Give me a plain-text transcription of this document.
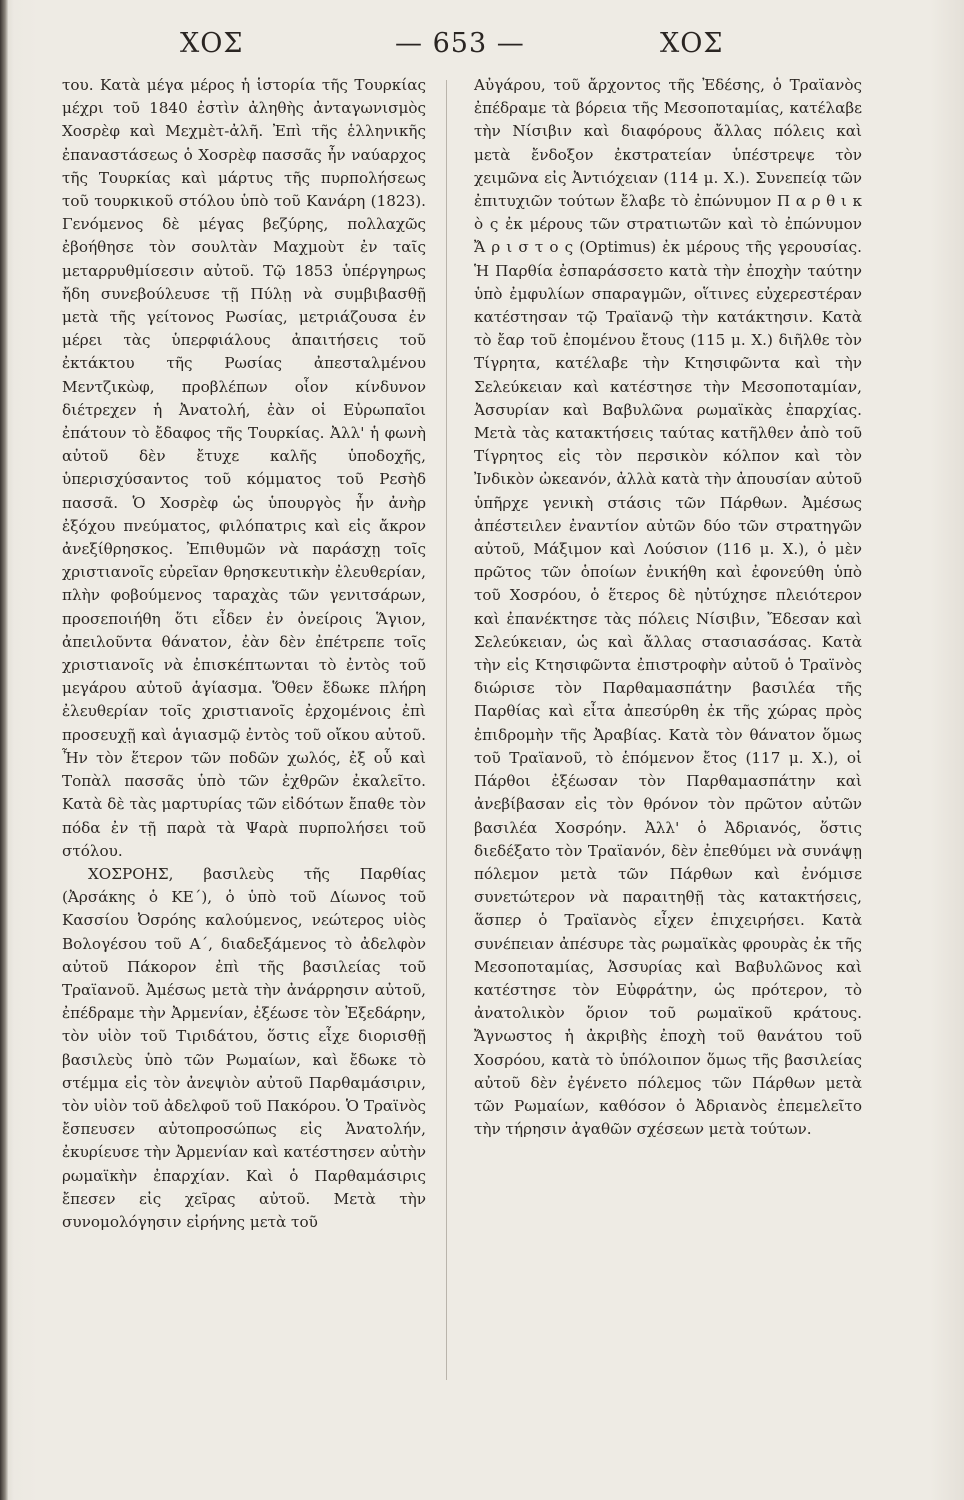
ΧΟΣ	— 653 —	ΧΟΣ

του. Κατὰ μέγα μέρος ἡ ἱστορία τῆς Τουρκίας μέχρι τοῦ 1840 ἐστὶν ἀληθὴς ἀνταγωνισμὸς Χοσρὲφ καὶ Μεχμὲτ-ἀλῆ. Ἐπὶ τῆς ἑλληνικῆς ἐπαναστάσεως ὁ Χοσρὲφ πασσᾶς ἦν ναύαρχος τῆς Τουρκίας καὶ μάρτυς τῆς πυρπολήσεως τοῦ τουρκικοῦ στόλου ὑπὸ τοῦ Κανάρη (1823). Γενόμενος δὲ μέγας βεζύρης, πολλαχῶς ἐβοήθησε τὸν σουλτὰν Μαχμοὺτ ἐν ταῖς μεταρρυθμίσεσιν αὐτοῦ. Τῷ 1853 ὑπέργηρως ἤδη συνεβούλευσε τῇ Πύλῃ νὰ συμβιβασθῇ μετὰ τῆς γείτονος Ρωσίας, μετριάζουσα ἐν μέρει τὰς ὑπερφιάλους ἀπαιτήσεις τοῦ ἐκτάκτου τῆς Ρωσίας ἀπεσταλμένου Μεντζικὼφ, προβλέπων οἷον κίνδυνον διέτρεχεν ἡ Ἀνατολή, ἐὰν οἱ Εὐρωπαῖοι ἐπάτουν τὸ ἔδαφος τῆς Τουρκίας. Ἀλλ' ἡ φωνὴ αὐτοῦ δὲν ἔτυχε καλῆς ὑποδοχῆς, ὑπερισχύσαντος τοῦ κόμματος τοῦ Ρεσὴδ πασσᾶ. Ὁ Χοσρὲφ ὡς ὑπουργὸς ἦν ἀνὴρ ἐξόχου πνεύματος, φιλόπατρις καὶ εἰς ἄκρον ἀνεξίθρησκος. Ἐπιθυμῶν νὰ παράσχῃ τοῖς χριστιανοῖς εὐρεῖαν θρησκευτικὴν ἐλευθερίαν, πλὴν φοβούμενος ταραχὰς τῶν γενιτσάρων, προσεποιήθη ὅτι εἶδεν ἐν ὀνείροις Ἅγιον, ἀπειλοῦντα θάνατον, ἐὰν δὲν ἐπέτρεπε τοῖς χριστιανοῖς νὰ ἐπισκέπτωνται τὸ ἐντὸς τοῦ μεγάρου αὐτοῦ ἁγίασμα. Ὅθεν ἔδωκε πλήρη ἐλευθερίαν τοῖς χριστιανοῖς ἐρχομένοις ἐπὶ προσευχῇ καὶ ἁγιασμῷ ἐντὸς τοῦ οἴκου αὐτοῦ. Ἦν τὸν ἕτερον τῶν ποδῶν χωλός, ἐξ οὗ καὶ Τοπὰλ πασσᾶς ὑπὸ τῶν ἐχθρῶν ἐκαλεῖτο. Κατὰ δὲ τὰς μαρτυρίας τῶν εἰδότων ἔπαθε τὸν πόδα ἐν τῇ παρὰ τὰ Ψαρὰ πυρπολήσει τοῦ στόλου.

ΧΟΣΡΟΗΣ, βασιλεὺς τῆς Παρθίας (Ἀρσάκης ὁ ΚΕ΄), ὁ ὑπὸ τοῦ Δίωνος τοῦ Κασσίου Ὀσρόης καλούμενος, νεώτερος υἱὸς Βολογέσου τοῦ Α΄, διαδεξάμενος τὸ ἀδελφὸν αὐτοῦ Πάκορον ἐπὶ τῆς βασιλείας τοῦ Τραϊανοῦ. Ἀμέσως μετὰ τὴν ἀνάρρησιν αὐτοῦ, ἐπέδραμε τὴν Ἀρμενίαν, ἐξέωσε τὸν Ἐξεδάρην, τὸν υἱὸν τοῦ Τιριδάτου, ὅστις εἶχε διορισθῇ βασιλεὺς ὑπὸ τῶν Ρωμαίων, καὶ ἔδωκε τὸ στέμμα εἰς τὸν ἀνεψιὸν αὐτοῦ Παρθαμάσιριν, τὸν υἱὸν τοῦ ἀδελφοῦ τοῦ Πακόρου. Ὁ Τραϊνὸς ἔσπευσεν αὐτοπροσώπως εἰς Ἀνατολήν, ἐκυρίευσε τὴν Ἀρμενίαν καὶ κατέστησεν αὐτὴν ρωμαϊκὴν ἐπαρχίαν. Καὶ ὁ Παρθαμάσιρις ἔπεσεν εἰς χεῖρας αὐτοῦ. Μετὰ τὴν συνομολόγησιν εἰρήνης μετὰ τοῦ

Αὐγάρου, τοῦ ἄρχοντος τῆς Ἐδέσης, ὁ Τραϊανὸς ἐπέδραμε τὰ βόρεια τῆς Μεσοποταμίας, κατέλαβε τὴν Νίσιβιν καὶ διαφόρους ἄλλας πόλεις καὶ μετὰ ἔνδοξον ἐκστρατείαν ὑπέστρεψε τὸν χειμῶνα εἰς Ἀντιόχειαν (114 μ. Χ.). Συνεπείᾳ τῶν ἐπιτυχιῶν τούτων ἔλαβε τὸ ἐπώνυμον Π α ρ θ ι κ ὸ ς ἐκ μέρους τῶν στρατιωτῶν καὶ τὸ ἐπώνυμον Ἄ ρ ι σ τ ο ς (Optimus) ἐκ μέρους τῆς γερουσίας. Ἡ Παρθία ἐσπαράσσετο κατὰ τὴν ἐποχὴν ταύτην ὑπὸ ἐμφυλίων σπαραγμῶν, οἵτινες εὐχερεστέραν κατέστησαν τῷ Τραϊανῷ τὴν κατάκτησιν. Κατὰ τὸ ἔαρ τοῦ ἐπομένου ἔτους (115 μ. Χ.) διῆλθε τὸν Τίγρητα, κατέλαβε τὴν Κτησιφῶντα καὶ τὴν Σελεύκειαν καὶ κατέστησε τὴν Μεσοποταμίαν, Ἀσσυρίαν καὶ Βαβυλῶνα ρωμαϊκὰς ἐπαρχίας. Μετὰ τὰς κατακτήσεις ταύτας κατῆλθεν ἀπὸ τοῦ Τίγρητος εἰς τὸν περσικὸν κόλπον καὶ τὸν Ἰνδικὸν ὠκεανόν, ἀλλὰ κατὰ τὴν ἀπουσίαν αὐτοῦ ὑπῆρχε γενικὴ στάσις τῶν Πάρθων. Ἀμέσως ἀπέστειλεν ἐναντίον αὐτῶν δύο τῶν στρατηγῶν αὐτοῦ, Μάξιμον καὶ Λούσιον (116 μ. Χ.), ὁ μὲν πρῶτος τῶν ὁποίων ἐνικήθη καὶ ἐφονεύθη ὑπὸ τοῦ Χοσρόου, ὁ ἕτερος δὲ ηὐτύχησε πλειότερον καὶ ἐπανέκτησε τὰς πόλεις Νίσιβιν, Ἔδεσαν καὶ Σελεύκειαν, ὡς καὶ ἄλλας στασιασάσας. Κατὰ τὴν εἰς Κτησιφῶντα ἐπιστροφὴν αὐτοῦ ὁ Τραϊνὸς διώρισε τὸν Παρθαμασπάτην βασιλέα τῆς Παρθίας καὶ εἶτα ἀπεσύρθη ἐκ τῆς χώρας πρὸς ἐπιδρομὴν τῆς Ἀραβίας. Κατὰ τὸν θάνατον ὅμως τοῦ Τραϊανοῦ, τὸ ἑπόμενον ἔτος (117 μ. Χ.), οἱ Πάρθοι ἐξέωσαν τὸν Παρθαμασπάτην καὶ ἀνεβίβασαν εἰς τὸν θρόνον τὸν πρῶτον αὐτῶν βασιλέα Χοσρόην. Ἀλλ' ὁ Ἀδριανός, ὅστις διεδέξατο τὸν Τραϊανόν, δὲν ἐπεθύμει νὰ συνάψῃ πόλεμον μετὰ τῶν Πάρθων καὶ ἐνόμισε συνετώτερον νὰ παραιτηθῇ τὰς κατακτήσεις, ἅσπερ ὁ Τραϊανὸς εἶχεν ἐπιχειρήσει. Κατὰ συνέπειαν ἀπέσυρε τὰς ρωμαϊκὰς φρουρὰς ἐκ τῆς Μεσοποταμίας, Ἀσσυρίας καὶ Βαβυλῶνος καὶ κατέστησε τὸν Εὐφράτην, ὡς πρότερον, τὸ ἀνατολικὸν ὅριον τοῦ ρωμαϊκοῦ κράτους. Ἄγνωστος ἡ ἀκριβὴς ἐποχὴ τοῦ θανάτου τοῦ Χοσρόου, κατὰ τὸ ὑπόλοιπον ὅμως τῆς βασιλείας αὐτοῦ δὲν ἐγένετο πόλεμος τῶν Πάρθων μετὰ τῶν Ρωμαίων, καθόσον ὁ Ἀδριανὸς ἐπεμελεῖτο τὴν τήρησιν ἀγαθῶν σχέσεων μετὰ τούτων.
